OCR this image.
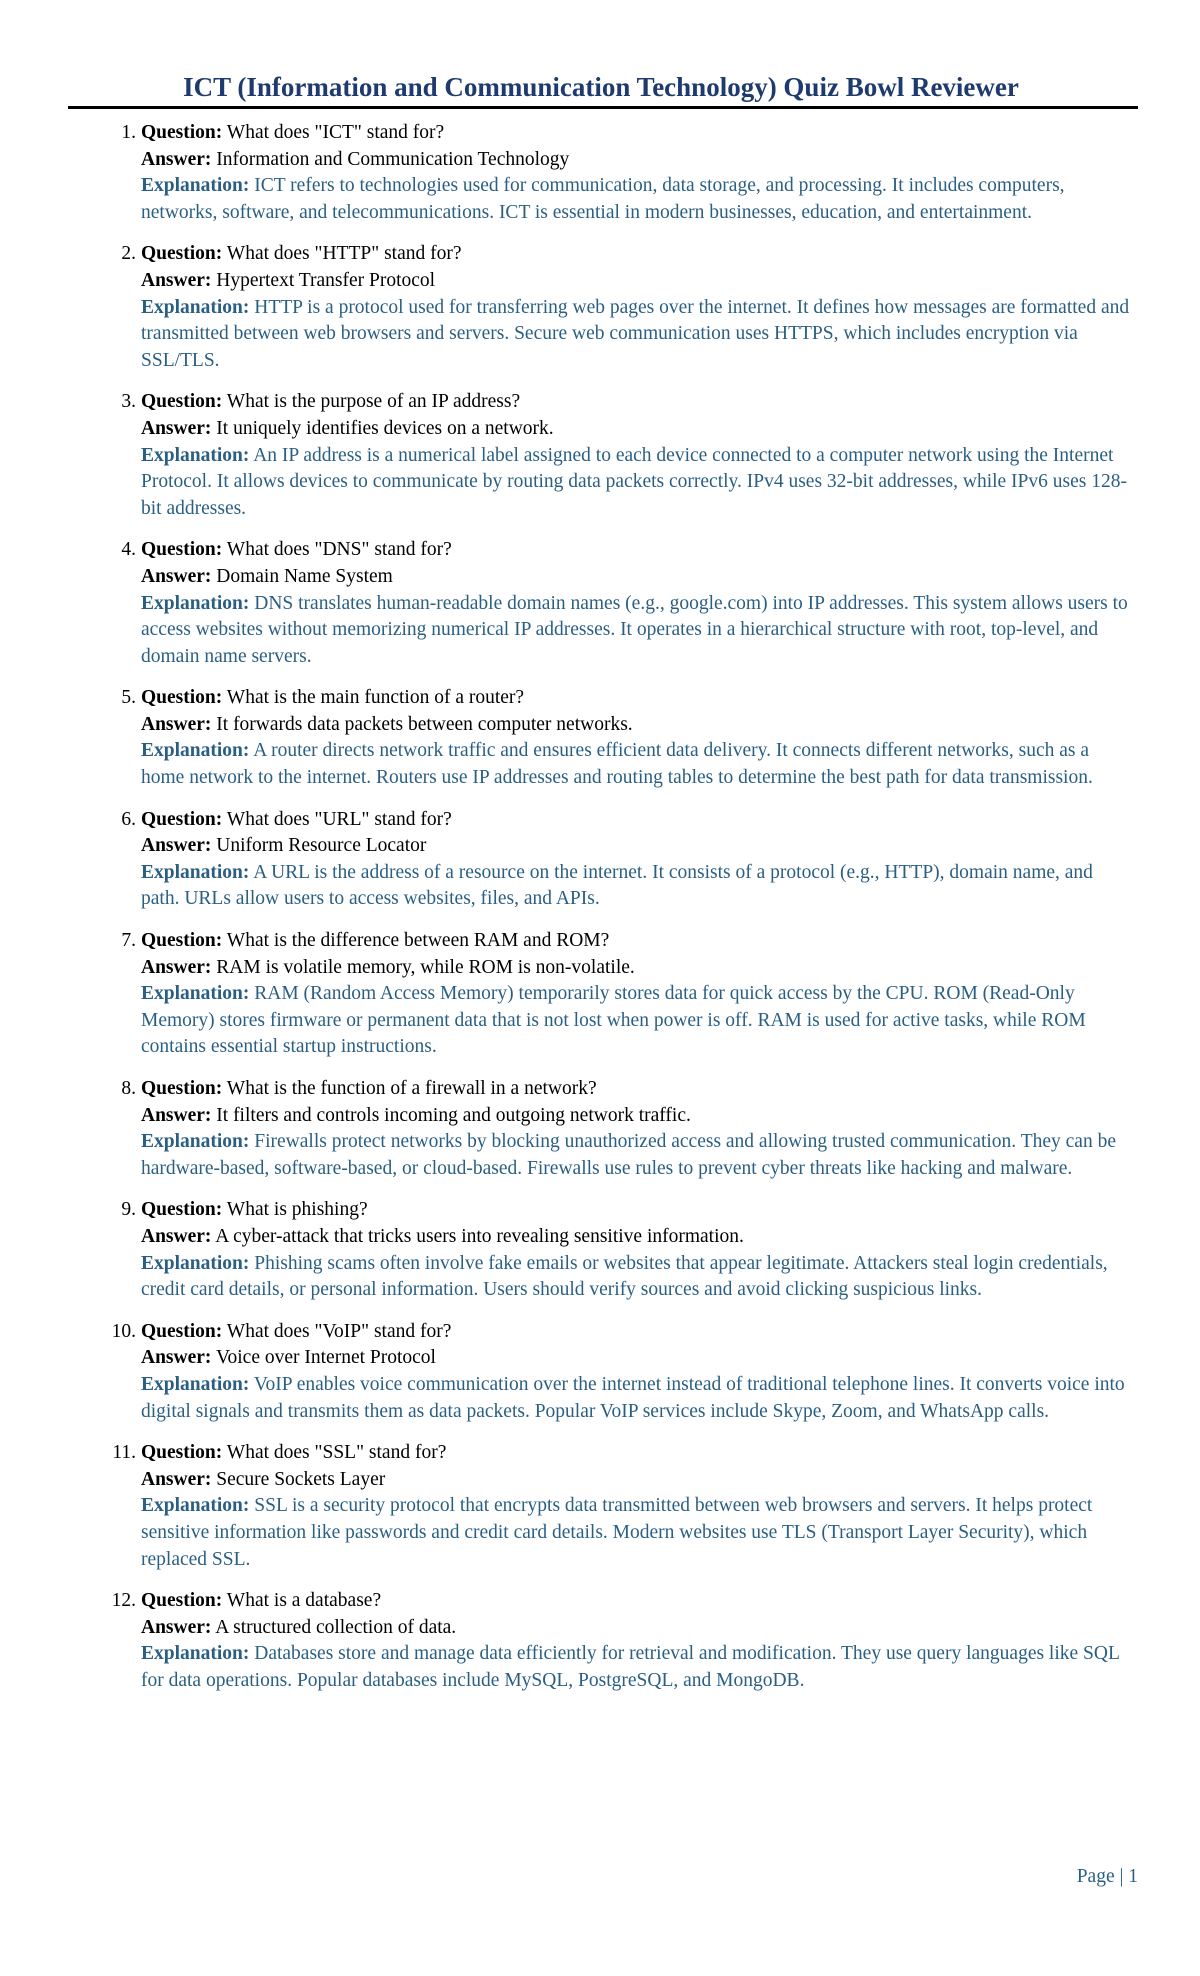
ICT (Information and Communication Technology) Quiz Bowl Reviewer
1. Question: What does "ICT" stand for?
Answer: Information and Communication Technology
Explanation: ICT refers to technologies used for communication, data storage, and processing. It includes computers, networks, software, and telecommunications. ICT is essential in modern businesses, education, and entertainment.
2. Question: What does "HTTP" stand for?
Answer: Hypertext Transfer Protocol
Explanation: HTTP is a protocol used for transferring web pages over the internet. It defines how messages are formatted and transmitted between web browsers and servers. Secure web communication uses HTTPS, which includes encryption via SSL/TLS.
3. Question: What is the purpose of an IP address?
Answer: It uniquely identifies devices on a network.
Explanation: An IP address is a numerical label assigned to each device connected to a computer network using the Internet Protocol. It allows devices to communicate by routing data packets correctly. IPv4 uses 32-bit addresses, while IPv6 uses 128-bit addresses.
4. Question: What does "DNS" stand for?
Answer: Domain Name System
Explanation: DNS translates human-readable domain names (e.g., google.com) into IP addresses. This system allows users to access websites without memorizing numerical IP addresses. It operates in a hierarchical structure with root, top-level, and domain name servers.
5. Question: What is the main function of a router?
Answer: It forwards data packets between computer networks.
Explanation: A router directs network traffic and ensures efficient data delivery. It connects different networks, such as a home network to the internet. Routers use IP addresses and routing tables to determine the best path for data transmission.
6. Question: What does "URL" stand for?
Answer: Uniform Resource Locator
Explanation: A URL is the address of a resource on the internet. It consists of a protocol (e.g., HTTP), domain name, and path. URLs allow users to access websites, files, and APIs.
7. Question: What is the difference between RAM and ROM?
Answer: RAM is volatile memory, while ROM is non-volatile.
Explanation: RAM (Random Access Memory) temporarily stores data for quick access by the CPU. ROM (Read-Only Memory) stores firmware or permanent data that is not lost when power is off. RAM is used for active tasks, while ROM contains essential startup instructions.
8. Question: What is the function of a firewall in a network?
Answer: It filters and controls incoming and outgoing network traffic.
Explanation: Firewalls protect networks by blocking unauthorized access and allowing trusted communication. They can be hardware-based, software-based, or cloud-based. Firewalls use rules to prevent cyber threats like hacking and malware.
9. Question: What is phishing?
Answer: A cyber-attack that tricks users into revealing sensitive information.
Explanation: Phishing scams often involve fake emails or websites that appear legitimate. Attackers steal login credentials, credit card details, or personal information. Users should verify sources and avoid clicking suspicious links.
10. Question: What does "VoIP" stand for?
Answer: Voice over Internet Protocol
Explanation: VoIP enables voice communication over the internet instead of traditional telephone lines. It converts voice into digital signals and transmits them as data packets. Popular VoIP services include Skype, Zoom, and WhatsApp calls.
11. Question: What does "SSL" stand for?
Answer: Secure Sockets Layer
Explanation: SSL is a security protocol that encrypts data transmitted between web browsers and servers. It helps protect sensitive information like passwords and credit card details. Modern websites use TLS (Transport Layer Security), which replaced SSL.
12. Question: What is a database?
Answer: A structured collection of data.
Explanation: Databases store and manage data efficiently for retrieval and modification. They use query languages like SQL for data operations. Popular databases include MySQL, PostgreSQL, and MongoDB.
Page | 1
